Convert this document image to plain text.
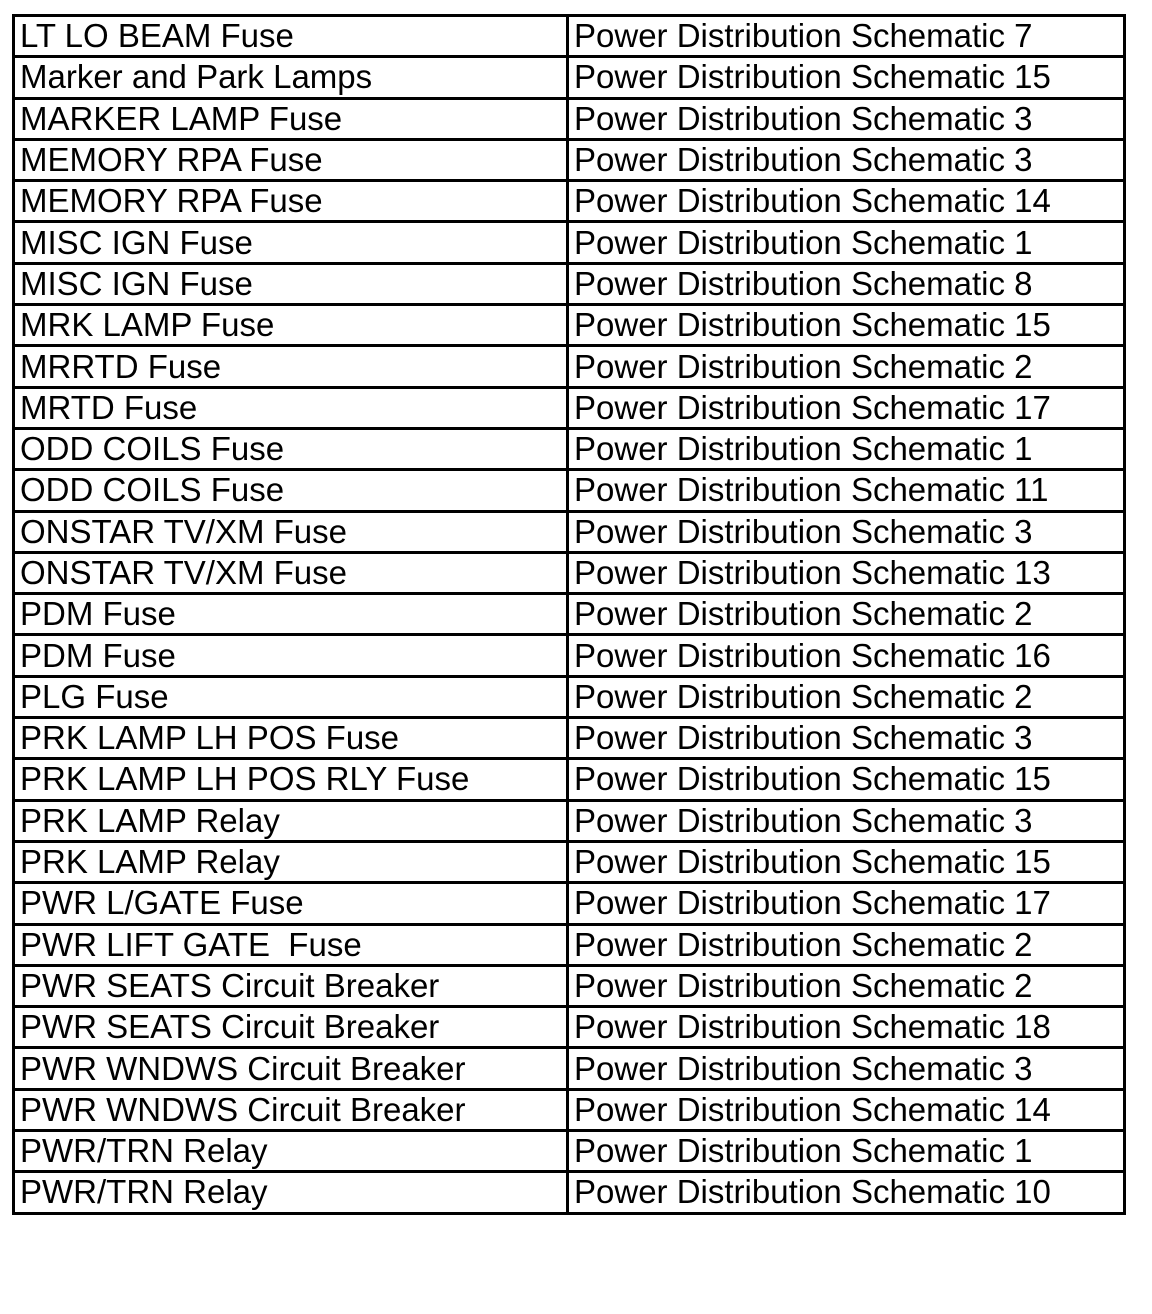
LT LO BEAM Fuse	Power Distribution Schematic 7
Marker and Park Lamps	Power Distribution Schematic 15
MARKER LAMP Fuse	Power Distribution Schematic 3
MEMORY RPA Fuse	Power Distribution Schematic 3
MEMORY RPA Fuse	Power Distribution Schematic 14
MISC IGN Fuse	Power Distribution Schematic 1
MISC IGN Fuse	Power Distribution Schematic 8
MRK LAMP Fuse	Power Distribution Schematic 15
MRRTD Fuse	Power Distribution Schematic 2
MRTD Fuse	Power Distribution Schematic 17
ODD COILS Fuse	Power Distribution Schematic 1
ODD COILS Fuse	Power Distribution Schematic 11
ONSTAR TV/XM Fuse	Power Distribution Schematic 3
ONSTAR TV/XM Fuse	Power Distribution Schematic 13
PDM Fuse	Power Distribution Schematic 2
PDM Fuse	Power Distribution Schematic 16
PLG Fuse	Power Distribution Schematic 2
PRK LAMP LH POS Fuse	Power Distribution Schematic 3
PRK LAMP LH POS RLY Fuse	Power Distribution Schematic 15
PRK LAMP Relay	Power Distribution Schematic 3
PRK LAMP Relay	Power Distribution Schematic 15
PWR L/GATE Fuse	Power Distribution Schematic 17
PWR LIFT GATE  Fuse	Power Distribution Schematic 2
PWR SEATS Circuit Breaker	Power Distribution Schematic 2
PWR SEATS Circuit Breaker	Power Distribution Schematic 18
PWR WNDWS Circuit Breaker	Power Distribution Schematic 3
PWR WNDWS Circuit Breaker	Power Distribution Schematic 14
PWR/TRN Relay	Power Distribution Schematic 1
PWR/TRN Relay	Power Distribution Schematic 10
